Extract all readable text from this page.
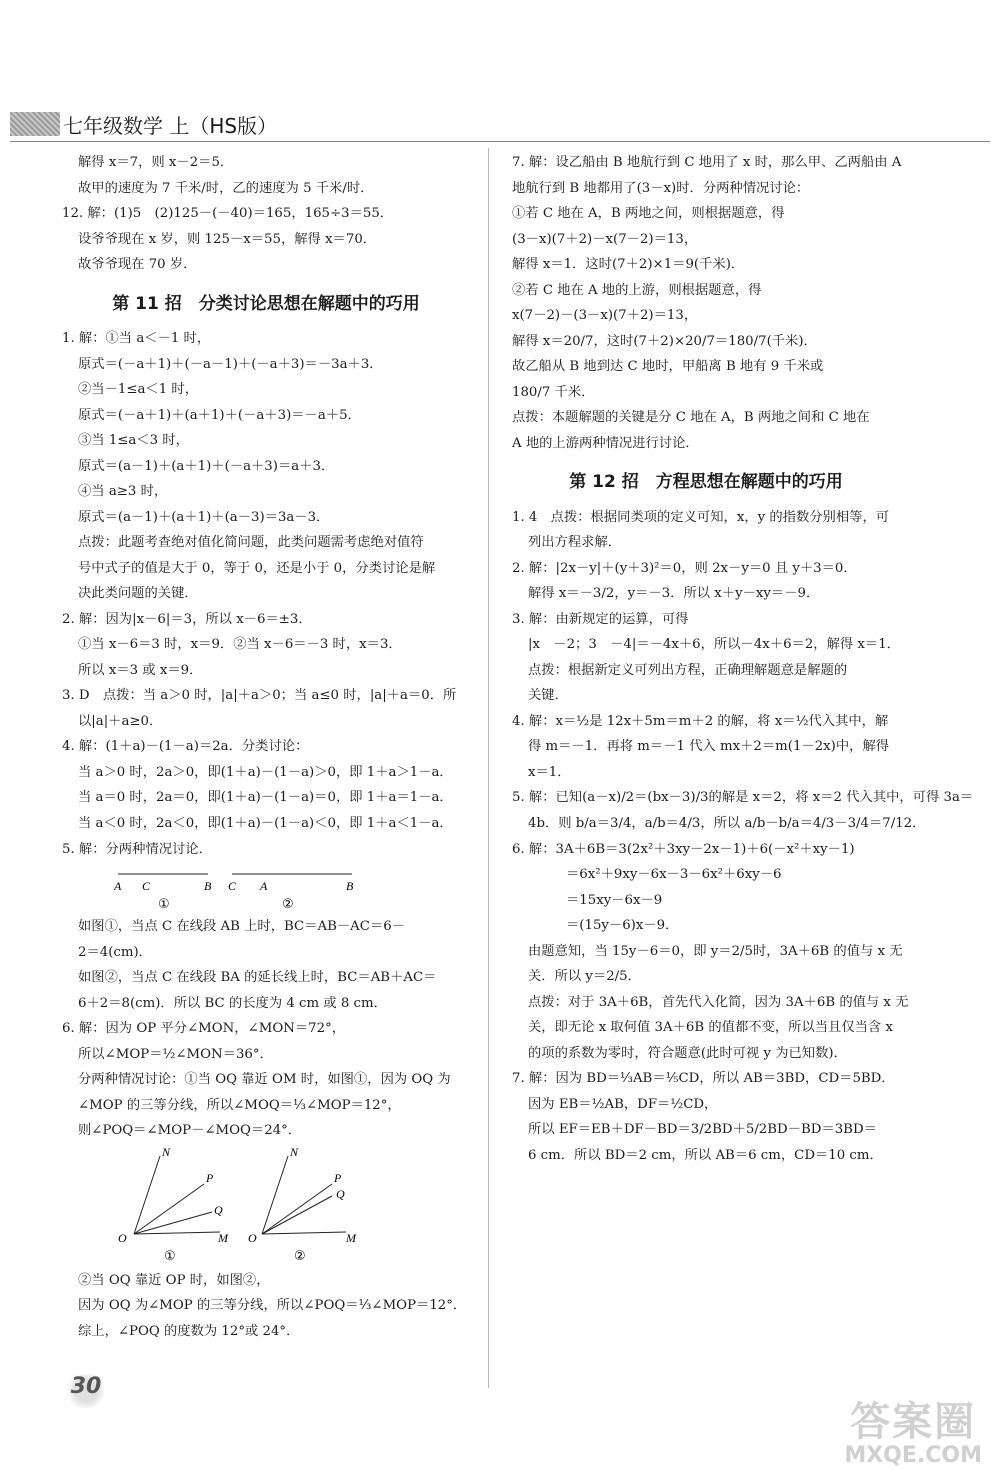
七年级数学 上（HS版）
解得 x＝7，则 x－2＝5．
故甲的速度为 7 千米/时，乙的速度为 5 千米/时．
12. 解：(1)5　(2)125－(－40)＝165，165÷3＝55．
设爷爷现在 x 岁，则 125－x＝55，解得 x＝70．
故爷爷现在 70 岁．
第 11 招　分类讨论思想在解题中的巧用
1. 解：①当 a＜－1 时，
原式＝(－a＋1)＋(－a－1)＋(－a＋3)＝－3a＋3．
②当－1≤a＜1 时，
原式＝(－a＋1)＋(a＋1)＋(－a＋3)＝－a＋5．
③当 1≤a＜3 时，
原式＝(a－1)＋(a＋1)＋(－a＋3)＝a＋3．
④当 a≥3 时，
原式＝(a－1)＋(a＋1)＋(a－3)＝3a－3．
点拨：此题考查绝对值化简问题，此类问题需考虑绝对值符
号中式子的值是大于 0，等于 0，还是小于 0，分类讨论是解
决此类问题的关键．
2. 解：因为|x－6|＝3，所以 x－6＝±3．
①当 x－6＝3 时，x＝9．②当 x－6＝－3 时，x＝3．
所以 x＝3 或 x＝9．
3. D　点拨：当 a＞0 时，|a|＋a＞0；当 a≤0 时，|a|＋a＝0．所
以|a|＋a≥0．
4. 解：(1＋a)－(1－a)＝2a．分类讨论：
当 a＞0 时，2a＞0，即(1＋a)－(1－a)＞0，即 1＋a＞1－a．
当 a＝0 时，2a＝0，即(1＋a)－(1－a)＝0，即 1＋a＝1－a．
当 a＜0 时，2a＜0，即(1＋a)－(1－a)＜0，即 1＋a＜1－a．
5. 解：分两种情况讨论．
A C	B
①
C A	B
②
如图①，当点 C 在线段 AB 上时，BC＝AB－AC＝6－
2＝4(cm)．
如图②，当点 C 在线段 BA 的延长线上时，BC＝AB＋AC＝
6＋2＝8(cm)．所以 BC 的长度为 4 cm 或 8 cm．
6. 解：因为 OP 平分∠MON，∠MON＝72°，
所以∠MOP＝½∠MON＝36°．
分两种情况讨论：①当 OQ 靠近 OM 时，如图①，因为 OQ 为
∠MOP 的三等分线，所以∠MOQ＝⅓∠MOP＝12°，
则∠POQ＝∠MOP－∠MOQ＝24°．
N
P
Q
O	M
①
N
P
Q
O	M
②
②当 OQ 靠近 OP 时，如图②，
因为 OQ 为∠MOP 的三等分线，所以∠POQ＝⅓∠MOP＝12°．
综上，∠POQ 的度数为 12°或 24°．
7. 解：设乙船由 B 地航行到 C 地用了 x 时，那么甲、乙两船由 A
地航行到 B 地都用了(3－x)时．分两种情况讨论：
①若 C 地在 A，B 两地之间，则根据题意，得
(3－x)(7＋2)－x(7－2)＝13，
解得 x＝1．这时(7＋2)×1＝9(千米)．
②若 C 地在 A 地的上游，则根据题意，得
x(7－2)－(3－x)(7＋2)＝13，
解得 x＝20/7，这时(7＋2)×20/7＝180/7(千米)．
故乙船从 B 地到达 C 地时，甲船离 B 地有 9 千米或
180/7 千米．
点拨：本题解题的关键是分 C 地在 A，B 两地之间和 C 地在
A 地的上游两种情况进行讨论．
第 12 招　方程思想在解题中的巧用
1. 4　点拨：根据同类项的定义可知，x，y 的指数分别相等，可
列出方程求解．
2. 解：|2x－y|＋(y＋3)²＝0，则 2x－y＝0 且 y＋3＝0．
解得 x＝－3/2，y＝－3．所以 x＋y－xy＝－9．
3. 解：由新规定的运算，可得
|x　－2；3　－4|＝－4x＋6，所以－4x＋6＝2，解得 x＝1．
点拨：根据新定义可列出方程，正确理解题意是解题的
关键．
4. 解：x＝½是 12x＋5m＝m＋2 的解，将 x＝½代入其中，解
得 m＝－1．再将 m＝－1 代入 mx＋2＝m(1－2x)中，解得
x＝1．
5. 解：已知(a－x)/2＝(bx－3)/3的解是 x＝2，将 x＝2 代入其中，可得 3a＝
4b．则 b/a＝3/4，a/b＝4/3，所以 a/b－b/a＝4/3－3/4＝7/12．
6. 解：3A＋6B＝3(2x²＋3xy－2x－1)＋6(－x²＋xy－1)
＝6x²＋9xy－6x－3－6x²＋6xy－6
＝15xy－6x－9
＝(15y－6)x－9．
由题意知，当 15y－6＝0，即 y＝2/5时，3A＋6B 的值与 x 无
关．所以 y＝2/5．
点拨：对于 3A＋6B，首先代入化简，因为 3A＋6B 的值与 x 无
关，即无论 x 取何值 3A＋6B 的值都不变，所以当且仅当含 x
的项的系数为零时，符合题意(此时可视 y 为已知数)．
7. 解：因为 BD＝⅓AB＝⅕CD，所以 AB＝3BD，CD＝5BD．
因为 EB＝½AB，DF＝½CD，
所以 EF＝EB＋DF－BD＝3/2BD＋5/2BD－BD＝3BD＝
6 cm．所以 BD＝2 cm，所以 AB＝6 cm，CD＝10 cm．
30
答案圈
MXQE.COM
